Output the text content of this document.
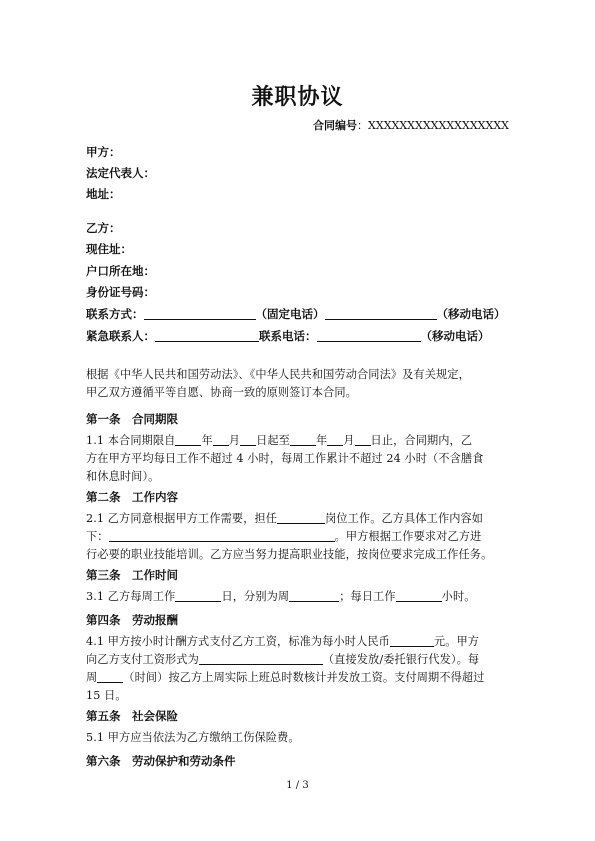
兼职协议
合同编号：XXXXXXXXXXXXXXXXXX
甲方：
法定代表人：
地址：
乙方：
现住址：
户口所在地：
身份证号码：
联系方式：	（固定电话）	（移动电话）
紧急联系人：	联系电话：	（移动电话）
根据《中华人民共和国劳动法》、《中华人民共和国劳动合同法》及有关规定，
甲乙双方遵循平等自愿、协商一致的原则签订本合同。
第一条　合同期限
1.1 本合同期限自 年 月 日起至 年 月 日止，合同期内，乙
方在甲方平均每日工作不超过 4 小时，每周工作累计不超过 24 小时（不含膳食
和休息时间）。
第二条　工作内容
2.1 乙方同意根据甲方工作需要，担任	岗位工作。乙方具体工作内容如
下：	。甲方根据工作要求对乙方进
行必要的职业技能培训。乙方应当努力提高职业技能，按岗位要求完成工作任务。
第三条　工作时间
3.1 乙方每周工作	日，分别为周	；每日工作	小时。
第四条　劳动报酬
4.1 甲方按小时计酬方式支付乙方工资，标准为每小时人民币	元。甲方
向乙方支付工资形式为	（直接发放/委托银行代发）。每
周 （时间）按乙方上周实际上班总时数核计并发放工资。支付周期不得超过
15 日。
第五条　社会保险
5.1 甲方应当依法为乙方缴纳工伤保险费。
第六条　劳动保护和劳动条件
1 / 3
